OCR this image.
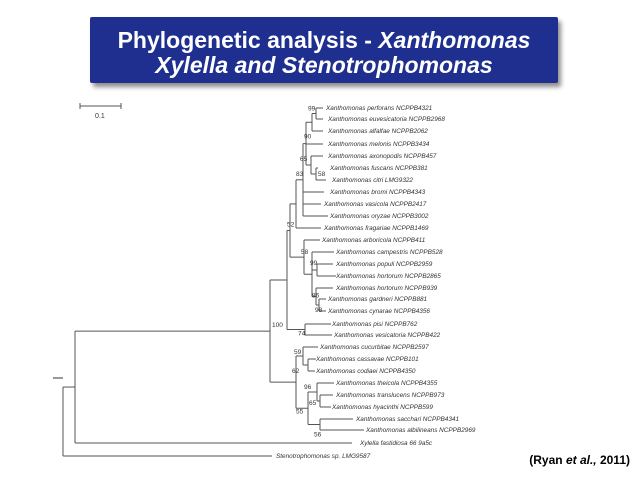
Phylogenetic analysis - Xanthomonas
Xylella and Stenotrophomonas
0.1
Xanthomonas perforans NCPPB4321
Xanthomonas euvesicatoria NCPPB2968
Xanthomonas alfalfae NCPPB2062
Xanthomonas melonis NCPPB3434
Xanthomonas axonopodis NCPPB457
Xanthomonas fuscans NCPPB381
Xanthomonas citri LMG9322
Xanthomonas bromi NCPPB4343
Xanthomonas vasicola NCPPB2417
Xanthomonas oryzae NCPPB3002
Xanthomonas fragariae NCPPB1469
Xanthomonas arboricola NCPPB411
Xanthomonas campestris NCPPB528
Xanthomonas populi NCPPB2959
Xanthomonas hortorum NCPPB2865
Xanthomonas hortorum NCPPB939
Xanthomonas gardneri NCPPB881
Xanthomonas cynarae NCPPB4356
Xanthomonas pisi NCPPB762
Xanthomonas vesicatoria NCPPB422
Xanthomonas cucurbitae NCPPB2597
Xanthomonas cassavae NCPPB101
Xanthomonas codiaei NCPPB4350
Xanthomonas theicola NCPPB4355
Xanthomonas translucens NCPPB973
Xanthomonas hyacinthi NCPPB599
Xanthomonas sacchari NCPPB4341
Xanthomonas albilineans NCPPB2969
Xylella fastidiosa 66 9a5c
Stenotrophomonas sp. LMG9587
99
90
65
58
83
52
58
99
86
98
100
74
59
62
96
65
55
56
(Ryan et al., 2011)
